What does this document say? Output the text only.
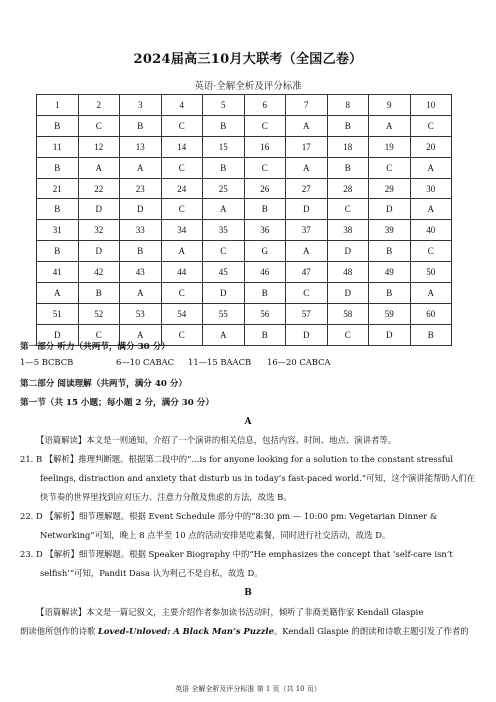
2024届高三10月大联考（全国乙卷）
英语·全解全析及评分标准
1	2	3	4	5	6	7	8	9	10
B	C	B	C	B	C	A	B	A	C
11	12	13	14	15	16	17	18	19	20
B	A	A	C	B	C	A	B	C	A
21	22	23	24	25	26	27	28	29	30
B	D	D	C	A	B	D	C	D	A
31	32	33	34	35	36	37	38	39	40
B	D	B	A	C	G	A	D	B	C
41	42	43	44	45	46	47	48	49	50
A	B	A	C	D	B	C	D	B	A
51	52	53	54	55	56	57	58	59	60
D	C	A	C	A	B	D	C	D	B
第一部分 听力（共两节，满分 30 分）
1—5 BCBCB	6—10 CABAC 11—15 BAACB 16—20 CABCA
第二部分 阅读理解（共两节，满分 40 分）
第一节（共 15 小题；每小题 2 分，满分 30 分）
A
【语篇解读】本文是一则通知，介绍了一个演讲的相关信息，包括内容、时间、地点、演讲者等。
21. B 【解析】推理判断题。根据第二段中的“...is for anyone looking for a solution to the constant stressful
feelings, distraction and anxiety that disturb us in today’s fast-paced world.”可知，这个演讲能帮助人们在
快节奏的世界里找到应对压力、注意力分散及焦虑的方法，故选 B。
22. D 【解析】细节理解题。根据 Event Schedule 部分中的“8:30 pm — 10:00 pm: Vegetarian Dinner &
Networking”可知，晚上 8 点半至 10 点的活动安排是吃素餐，同时进行社交活动，故选 D。
23. D 【解析】细节理解题。根据 Speaker Biography 中的“He emphasizes the concept that ‘self-care isn’t
selfish’”可知，Pandit Dasa 认为利己不是自私，故选 D。
B
【语篇解读】本文是一篇记叙文，主要介绍作者参加读书活动时，倾听了非裔美籍作家 Kendall Glaspie
朗读他所创作的诗歌 Loved-Unloved: A Black Man’s Puzzle。Kendall Glaspie 的朗读和诗歌主题引发了作者的
英语 全解全析及评分标准 第 1 页（共 10 页）
